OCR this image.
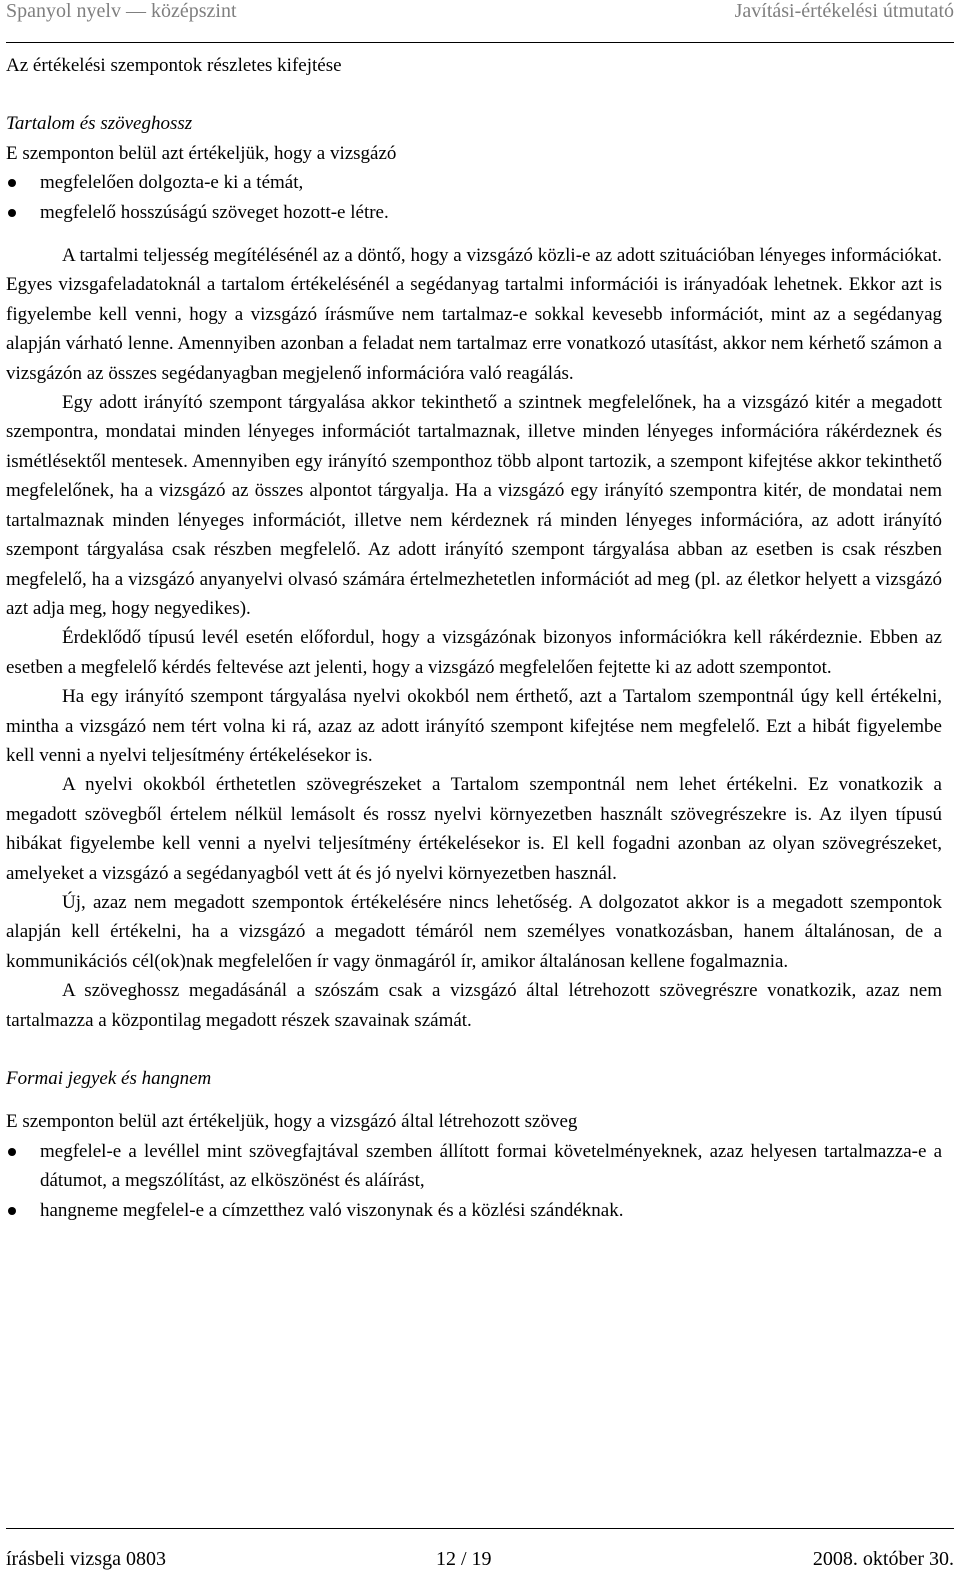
Spanyol nyelv — középszint	Javítási-értékelési útmutató
Az értékelési szempontok részletes kifejtése
Tartalom és szöveghossz

E szemponton belül azt értékeljük, hogy a vizsgázó

megfelelően dolgozta-e ki a témát,
megfelelő hosszúságú szöveget hozott-e létre.

A tartalmi teljesség megítélésénél az a döntő, hogy a vizsgázó közli-e az adott szituációban lényeges információkat. Egyes vizsgafeladatoknál a tartalom értékelésénél a segédanyag tartalmi információi is irányadóak lehetnek. Ekkor azt is figyelembe kell venni, hogy a vizsgázó írásműve nem tartalmaz-e sokkal kevesebb információt, mint az a segédanyag alapján várható lenne. Amennyiben azonban a feladat nem tartalmaz erre vonatkozó utasítást, akkor nem kérhető számon a vizsgázón az összes segédanyagban megjelenő információra való reagálás.

Egy adott irányító szempont tárgyalása akkor tekinthető a szintnek megfelelőnek, ha a vizsgázó kitér a megadott szempontra, mondatai minden lényeges információt tartalmaznak, illetve minden lényeges információra rákérdeznek és ismétlésektől mentesek. Amennyiben egy irányító szemponthoz több alpont tartozik, a szempont kifejtése akkor tekinthető megfelelőnek, ha a vizsgázó az összes alpontot tárgyalja. Ha a vizsgázó egy irányító szempontra kitér, de mondatai nem tartalmaznak minden lényeges információt, illetve nem kérdeznek rá minden lényeges információra, az adott irányító szempont tárgyalása csak részben megfelelő. Az adott irányító szempont tárgyalása abban az esetben is csak részben megfelelő, ha a vizsgázó anyanyelvi olvasó számára értelmezhetetlen információt ad meg (pl. az életkor helyett a vizsgázó azt adja meg, hogy negyedikes).

Érdeklődő típusú levél esetén előfordul, hogy a vizsgázónak bizonyos információkra kell rákérdeznie. Ebben az esetben a megfelelő kérdés feltevése azt jelenti, hogy a vizsgázó megfelelően fejtette ki az adott szempontot.

Ha egy irányító szempont tárgyalása nyelvi okokból nem érthető, azt a Tartalom szempontnál úgy kell értékelni, mintha a vizsgázó nem tért volna ki rá, azaz az adott irányító szempont kifejtése nem megfelelő. Ezt a hibát figyelembe kell venni a nyelvi teljesítmény értékelésekor is.

A nyelvi okokból érthetetlen szövegrészeket a Tartalom szempontnál nem lehet értékelni. Ez vonatkozik a megadott szövegből értelem nélkül lemásolt és rossz nyelvi környezetben használt szövegrészekre is. Az ilyen típusú hibákat figyelembe kell venni a nyelvi teljesítmény értékelésekor is. El kell fogadni azonban az olyan szövegrészeket, amelyeket a vizsgázó a segédanyagból vett át és jó nyelvi környezetben használ.

Új, azaz nem megadott szempontok értékelésére nincs lehetőség. A dolgozatot akkor is a megadott szempontok alapján kell értékelni, ha a vizsgázó a megadott témáról nem személyes vonatkozásban, hanem általánosan, de a kommunikációs cél(ok)nak megfelelően ír vagy önmagáról ír, amikor általánosan kellene fogalmaznia.

A szöveghossz megadásánál a szószám csak a vizsgázó által létrehozott szövegrészre vonatkozik, azaz nem tartalmazza a központilag megadott részek szavainak számát.

Formai jegyek és hangnem

E szemponton belül azt értékeljük, hogy a vizsgázó által létrehozott szöveg

megfelel-e a levéllel mint szövegfajtával szemben állított formai követelményeknek, azaz helyesen tartalmazza-e a dátumot, a megszólítást, az elköszönést és aláírást,
hangneme megfelel-e a címzetthez való viszonynak és a közlési szándéknak.
írásbeli vizsga 0803	12 / 19	2008. október 30.
